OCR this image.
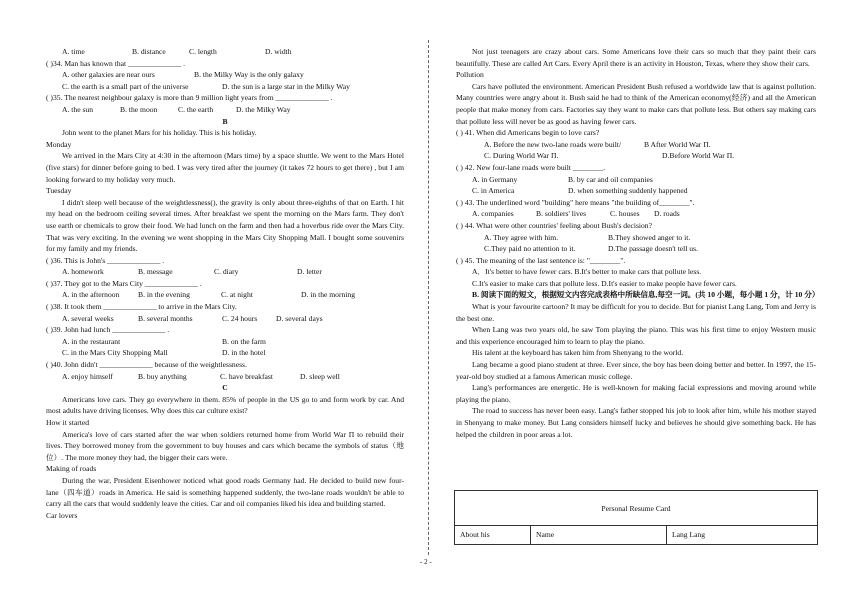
A. time	B. distance	C. length	D. width
( )34. Man has known that ______________ .
A. other galaxies are near ours	B. the Milky Way is the only galaxy
C. the earth is a small part of the universe	D. the sun is a large star in the Milky Way
( )35. The nearest neighbour galaxy is more than 9 million light years from ______________ .
A. the sun	B. the moon	C. the earth	D. the Milky Way
B
John went to the planet Mars for his holiday. This is his holiday.
Monday
We arrived in the Mars City at 4:30 in the afternoon (Mars time) by a space shuttle. We went to the Mars Hotel (five stars) for dinner before going to bed. I was very tired after the journey (it takes 72 hours to get there) , but I am looking forward to my holiday very much.
Tuesday
I didn't sleep well because of the weightlessness(), the gravity is only about three-eighths of that on Earth. I hit my head on the bedroom ceiling several times. After breakfast we spent the morning on the Mars farm. They don't use earth or chemicals to grow their food. We had lunch on the farm and then had a hoverbus ride over the Mars City. That was very exciting. In the evening we went shopping in the Mars City Shopping Mall. I bought some souvenirs for my family and my friends.
( )36. This is John's ______________ .
A. homework	B. message	C. diary	D. letter
( )37. They got to the Mars City ______________ .
A. in the afternoon	B. in the evening	C. at night	D. in the morning
( )38. It took them ______________ to arrive in the Mars City.
A. several weeks	B. several months	C. 24 hours	D. several days
( )39. John had lunch ______________ .
A. in the restaurant	B. on the farm
C. in the Mars City Shopping Mall	D. in the hotel
( )40. John didn't ______________ because of the weightlessness.
A. enjoy himself	B. buy anything	C. have breakfast	D. sleep well
C
Americans love cars. They go everywhere in them. 85% of people in the US go to and form work by car. And most adults have driving licenses. Why does this car culture exist?
How it started
America's love of cars started after the war when soldiers returned home from World War Π to rebuild their lives. They borrowed money from the government to buy houses and cars which became the symbols of status（地位）. The more money they had, the bigger their cars were.
Making of roads
During the war, President Eisenhower noticed what good roads Germany had. He decided to build new four-lane（四车道）roads in America. He said is something happened suddenly, the two-lane roads wouldn't be able to carry all the cars that would suddenly leave the cities. Car and oil companies liked his idea and building started.
Car lovers
Not just teenagers are crazy about cars. Some Americans love their cars so much that they paint their cars beautifully. These are called Art Cars. Every April there is an activity in Houston, Texas, where they show their cars.
Pollution
Cars have polluted the environment. American President Bush refused a worldwide law that is against pollution. Many countries were angry about it. Bush said he had to think of the American economy(经济) and all the American people that make money from cars. Factories say they want to make cars that pollute less. But others say making cars that pollute less will never be as good as having fewer cars.
( ) 41. When did Americans begin to love cars?
A. Before the new two-lane roads were built/	B After World War Π.
C. During World War Π.	D.Before World War Π.
( ) 42. New four-lane roads were built ________.
A. in Germany	B. by car and oil companies
C. in America	D. when something suddenly happened
( ) 43. The underlined word "building" here means "the building of________".
A. companies	B. soldiers' lives	C. houses	D. roads
( ) 44. What were other countries' feeling about Bush's decision?
A. They agree with him.	B.They showed anger to it.
C.They paid no attention to it.	D.The passage doesn't tell us.
( ) 45. The meaning of the last sentence is: "________".
A．It's better to have fewer cars. B.It's better to make cars that pollute less.
C.It's easier to make cars that pollute less. D.It's easier to make people have fewer cars.
B. 阅读下面的短文，根据短文内容完成表格中所缺信息,每空一词。(共 10 小题，每小题 1 分，计 10 分）
What is your favourite cartoon? It may be difficult for you to decide. But for pianist Lang Lang, Tom and Jerry is the best one.
When Lang was two years old, he saw Tom playing the piano. This was his first time to enjoy Western music and this experience encouraged him to learn to play the piano.
His talent at the keyboard has taken him from Shenyang to the world.
Lang became a good piano student at three. Ever since, the boy has been doing better and better. In 1997, the 15-year-old boy studied at a famous American music college.
Lang's performances are energetic. He is well-known for making facial expressions and moving around while playing the piano.
The road to success has never been easy. Lang's father stopped his job to look after him, while his mother stayed in Shenyang to make money. But Lang considers himself lucky and believes he should give something back. He has helped the children in poor areas a lot.
Personal Resume Card
About his	Name	Lang Lang
- 2 -
